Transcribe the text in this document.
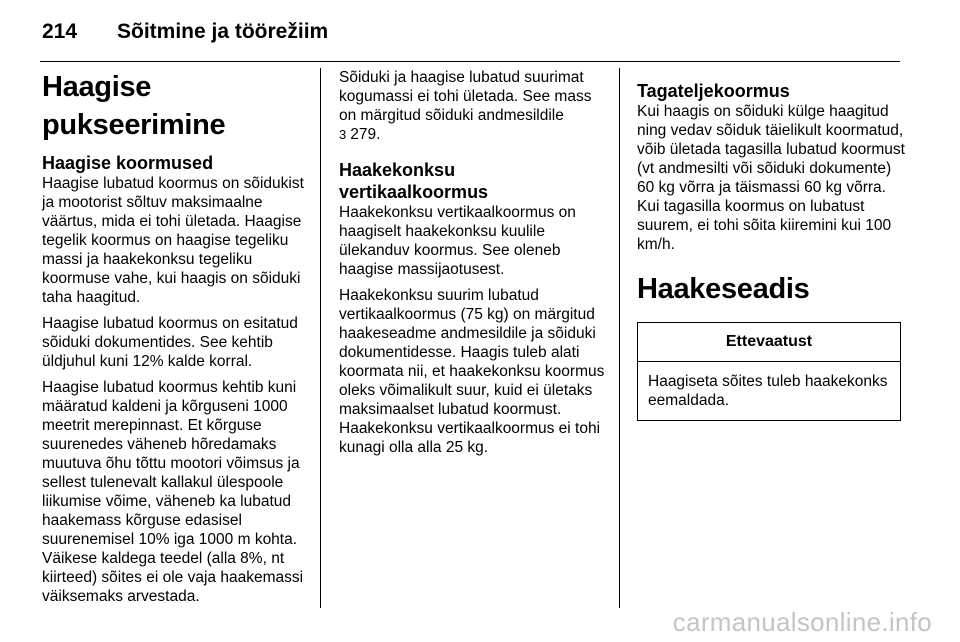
214	Sõitmine ja töörežiim
Haagise pukseerimine
Haagise koormused

Haagise lubatud koormus on sõidukist ja mootorist sõltuv maksimaalne väärtus, mida ei tohi ületada. Haagise tegelik koormus on haagise tegeliku massi ja haakekonksu tegeliku koormuse vahe, kui haagis on sõiduki taha haagitud.

Haagise lubatud koormus on esitatud sõiduki dokumentides. See kehtib üldjuhul kuni 12% kalde korral.

Haagise lubatud koormus kehtib kuni määratud kaldeni ja kõrguseni 1000 meetrit merepinnast. Et kõrguse suurenedes väheneb hõredamaks muutuva õhu tõttu mootori võimsus ja sellest tulenevalt kallakul ülespoole liikumise võime, väheneb ka lubatud haakemass kõrguse edasisel suurenemisel 10% iga 1000 m kohta. Väikese kaldega teedel (alla 8%, nt kiirteed) sõites ei ole vaja haakemassi väiksemaks arvestada.

Sõiduki ja haagise lubatud suurimat kogumassi ei tohi ületada. See mass on märgitud sõiduki andmesildile
3 279.

Haakekonksu vertikaalkoormus

Haakekonksu vertikaalkoormus on haagiselt haakekonksu kuulile ülekanduv koormus. See oleneb haagise massijaotusest.

Haakekonksu suurim lubatud vertikaalkoormus (75 kg) on märgitud haakeseadme andmesildile ja sõiduki dokumentidesse. Haagis tuleb alati koormata nii, et haakekonksu koormus oleks võimalikult suur, kuid ei ületaks maksimaalset lubatud koormust. Haakekonksu vertikaalkoormus ei tohi kunagi olla alla 25 kg.

Tagateljekoormus

Kui haagis on sõiduki külge haagitud ning vedav sõiduk täielikult koormatud, võib ületada tagasilla lubatud koormust (vt andmesilti või sõiduki dokumente) 60 kg võrra ja täismassi 60 kg võrra. Kui tagasilla koormus on lubatust suurem, ei tohi sõita kiiremini kui 100 km/h.

Haakeseadis
Ettevaatust
Haagiseta sõites tuleb haakekonks eemaldada.
carmanualsonline.info
